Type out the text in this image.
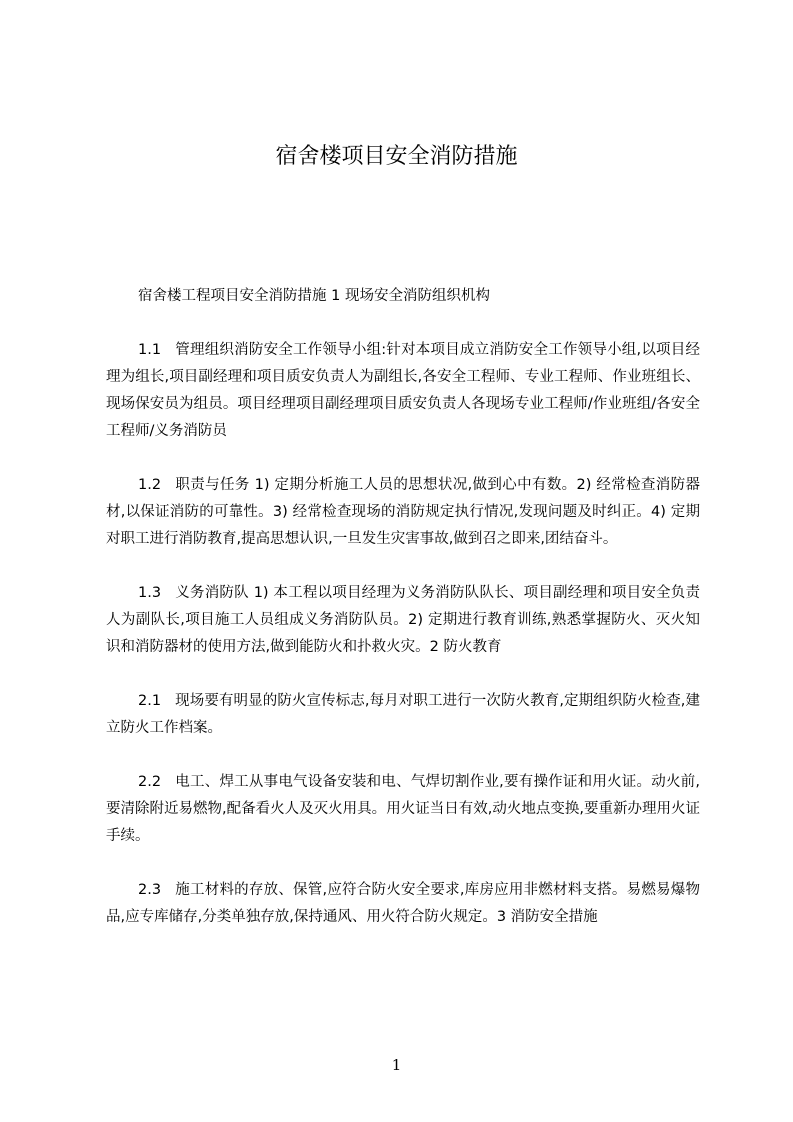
宿舍楼项目安全消防措施

宿舍楼工程项目安全消防措施 1 现场安全消防组织机构

1.1 管理组织消防安全工作领导小组:针对本项目成立消防安全工作领导小组,以项目经理为组长,项目副经理和项目质安负责人为副组长,各安全工程师、专业工程师、作业班组长、现场保安员为组员。项目经理项目副经理项目质安负责人各现场专业工程师/作业班组/各安全工程师/义务消防员

1.2 职责与任务 1) 定期分析施工人员的思想状况,做到心中有数。2) 经常检查消防器材,以保证消防的可靠性。3) 经常检查现场的消防规定执行情况,发现问题及时纠正。4) 定期对职工进行消防教育,提高思想认识,一旦发生灾害事故,做到召之即来,团结奋斗。

1.3 义务消防队 1) 本工程以项目经理为义务消防队队长、项目副经理和项目安全负责人为副队长,项目施工人员组成义务消防队员。2) 定期进行教育训练,熟悉掌握防火、灭火知识和消防器材的使用方法,做到能防火和扑救火灾。2 防火教育

2.1 现场要有明显的防火宣传标志,每月对职工进行一次防火教育,定期组织防火检查,建立防火工作档案。

2.2 电工、焊工从事电气设备安装和电、气焊切割作业,要有操作证和用火证。动火前,要清除附近易燃物,配备看火人及灭火用具。用火证当日有效,动火地点变换,要重新办理用火证手续。

2.3 施工材料的存放、保管,应符合防火安全要求,库房应用非燃材料支搭。易燃易爆物品,应专库储存,分类单独存放,保持通风、用火符合防火规定。3 消防安全措施

1
